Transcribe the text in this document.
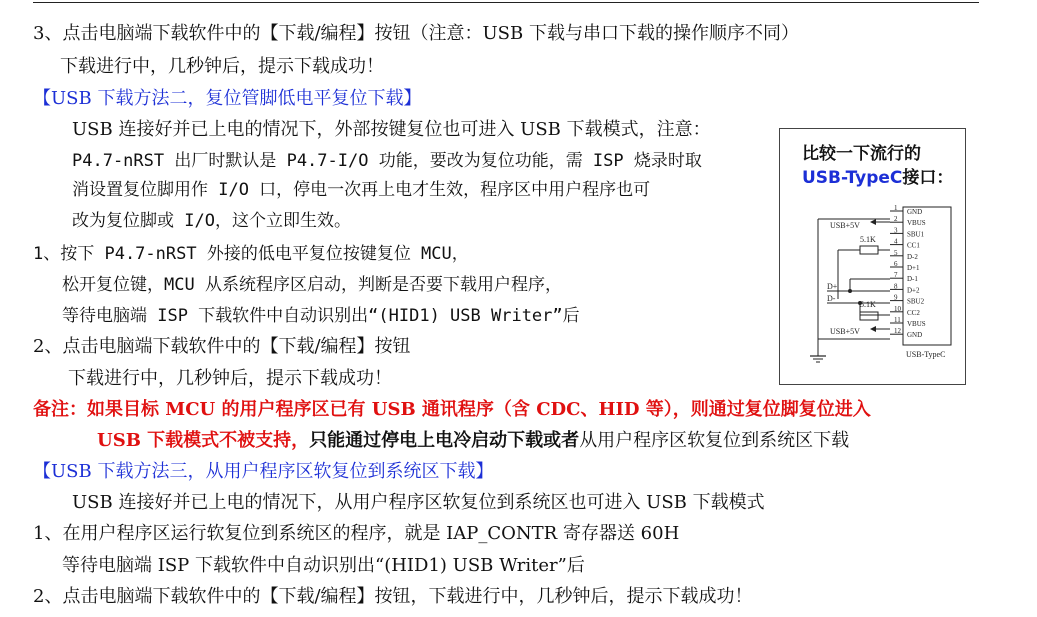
3、点击电脑端下载软件中的【下载/编程】按钮（注意：USB 下载与串口下载的操作顺序不同）
下载进行中，几秒钟后，提示下载成功！
【USB 下载方法二，复位管脚低电平复位下载】
USB 连接好并已上电的情况下，外部按键复位也可进入 USB 下载模式，注意：
P4.7-nRST 出厂时默认是 P4.7-I/O 功能，要改为复位功能，需 ISP 烧录时取
消设置复位脚用作 I/O 口，停电一次再上电才生效，程序区中用户程序也可
改为复位脚或 I/O，这个立即生效。
1、按下 P4.7-nRST 外接的低电平复位按键复位 MCU，
松开复位键，MCU 从系统程序区启动，判断是否要下载用户程序，
等待电脑端 ISP 下载软件中自动识别出“(HID1) USB Writer”后
2、点击电脑端下载软件中的【下载/编程】按钮
下载进行中，几秒钟后，提示下载成功！
备注：如果目标 MCU 的用户程序区已有 USB 通讯程序（含 CDC、HID 等），则通过复位脚复位进入
USB 下载模式不被支持，只能通过停电上电冷启动下载或者从用户程序区软复位到系统区下载
【USB 下载方法三，从用户程序区软复位到系统区下载】
USB 连接好并已上电的情况下，从用户程序区软复位到系统区也可进入 USB 下载模式
1、在用户程序区运行软复位到系统区的程序，就是 IAP_CONTR 寄存器送 60H
等待电脑端 ISP 下载软件中自动识别出“(HID1) USB Writer”后
2、点击电脑端下载软件中的【下载/编程】按钮，下载进行中，几秒钟后，提示下载成功！
比较一下流行的
USB-TypeC接口：
1 GND
2 VBUS
3 SBU1
4 CC1
5
D-2
6 D+1
7 D-1
8 D+2
9 SBU2
10 CC2
11 VBUS
12 GND
USB-TypeC
USB+5V
5.1K
D+
D-
5.1K
USB+5V
